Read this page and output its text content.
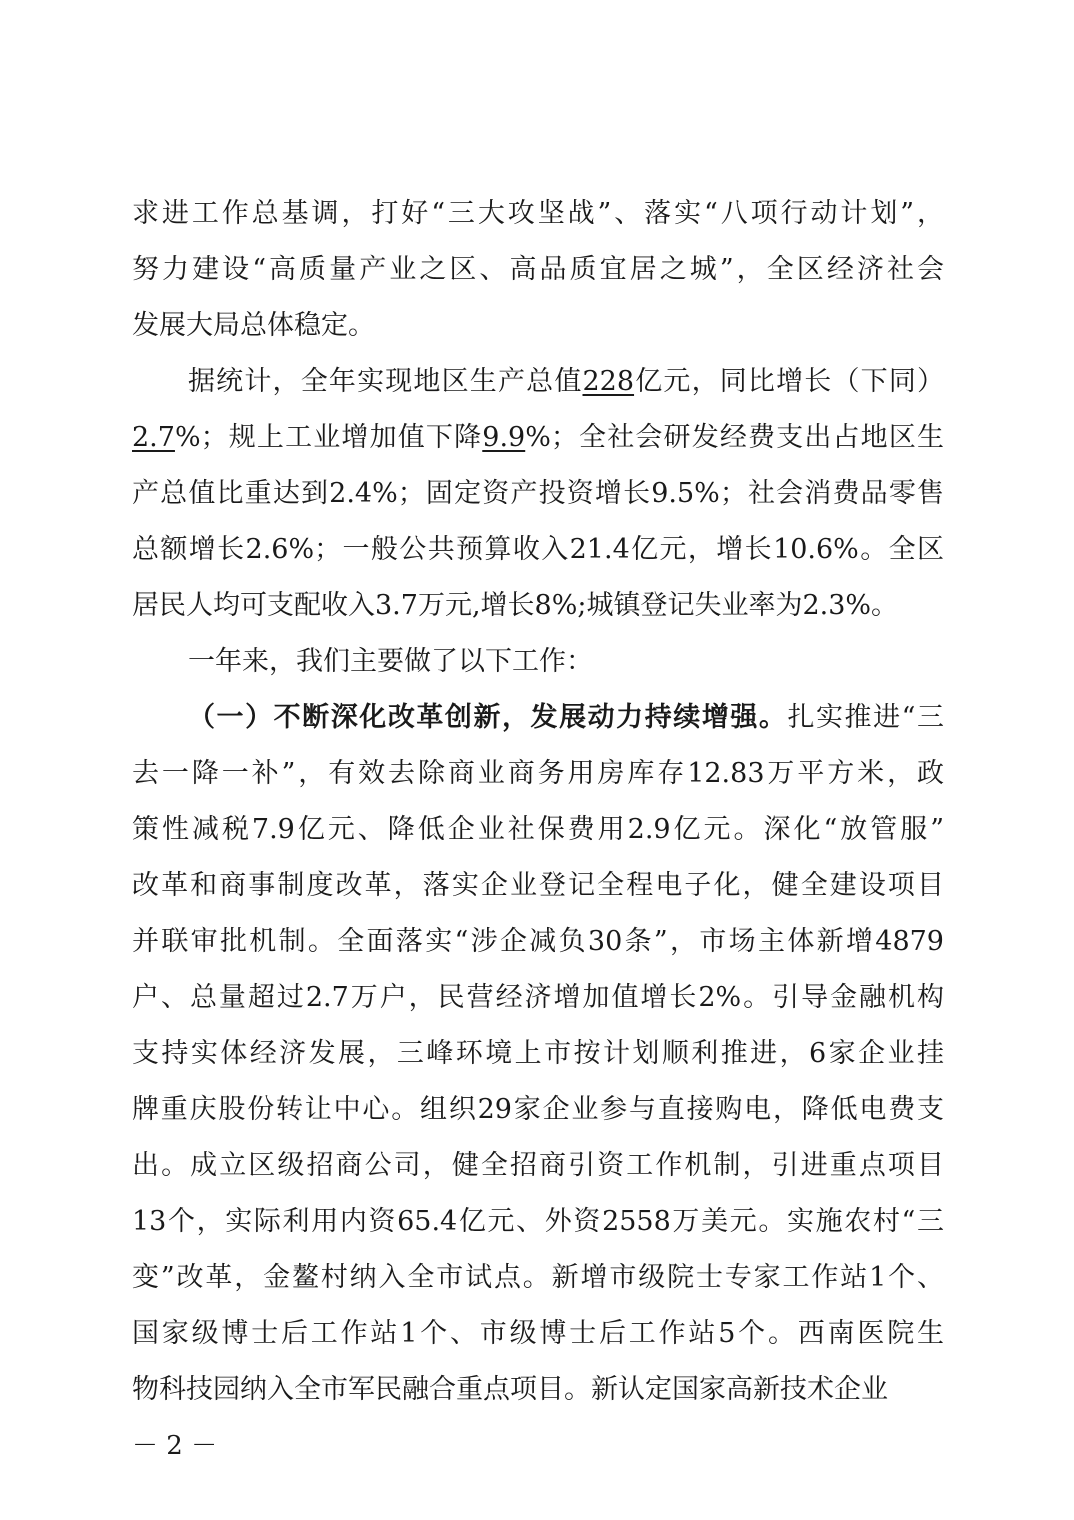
求进工作总基调，打好“三大攻坚战”、落实“八项行动计划”，
努力建设“高质量产业之区、高品质宜居之城”，全区经济社会
发展大局总体稳定。
据统计，全年实现地区生产总值228亿元，同比增长（下同）
2.7%；规上工业增加值下降9.9%；全社会研发经费支出占地区生
产总值比重达到2.4%；固定资产投资增长9.5%；社会消费品零售
总额增长2.6%；一般公共预算收入21.4亿元，增长10.6%。全区
居民人均可支配收入3.7万元,增长8%;城镇登记失业率为2.3%。
一年来，我们主要做了以下工作：
（一）不断深化改革创新，发展动力持续增强。扎实推进“三
去一降一补”，有效去除商业商务用房库存12.83万平方米，政
策性减税7.9亿元、降低企业社保费用2.9亿元。深化“放管服”
改革和商事制度改革，落实企业登记全程电子化，健全建设项目
并联审批机制。全面落实“涉企减负30条”，市场主体新增4879
户、总量超过2.7万户，民营经济增加值增长2%。引导金融机构
支持实体经济发展，三峰环境上市按计划顺利推进，6家企业挂
牌重庆股份转让中心。组织29家企业参与直接购电，降低电费支
出。成立区级招商公司，健全招商引资工作机制，引进重点项目
13个，实际利用内资65.4亿元、外资2558万美元。实施农村“三
变”改革，金鳌村纳入全市试点。新增市级院士专家工作站1个、
国家级博士后工作站1个、市级博士后工作站5个。西南医院生
物科技园纳入全市军民融合重点项目。新认定国家高新技术企业
－ 2 －
